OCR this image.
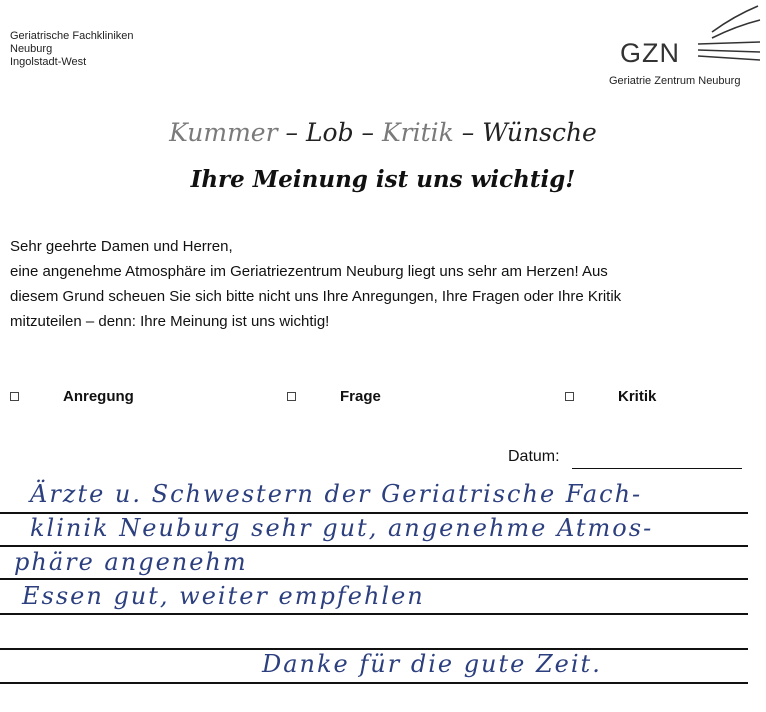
Geriatrische Fachkliniken
Neuburg
Ingolstadt-West	GZN
Geriatrie Zentrum Neuburg
Kummer – Lob – Kritik – Wünsche
Ihre Meinung ist uns wichtig!
Sehr geehrte Damen und Herren,
eine angenehme Atmosphäre im Geriatriezentrum Neuburg liegt uns sehr am Herzen! Aus
diesem Grund scheuen Sie sich bitte nicht uns Ihre Anregungen, Ihre Fragen oder Ihre Kritik
mitzuteilen – denn: Ihre Meinung ist uns wichtig!
Anregung	Frage	Kritik
Datum:
Ärzte u. Schwestern der Geriatrische Fach-
klinik Neuburg sehr gut, angenehme Atmos-
phäre angenehm
Essen gut, weiter empfehlen
Danke für die gute Zeit.
